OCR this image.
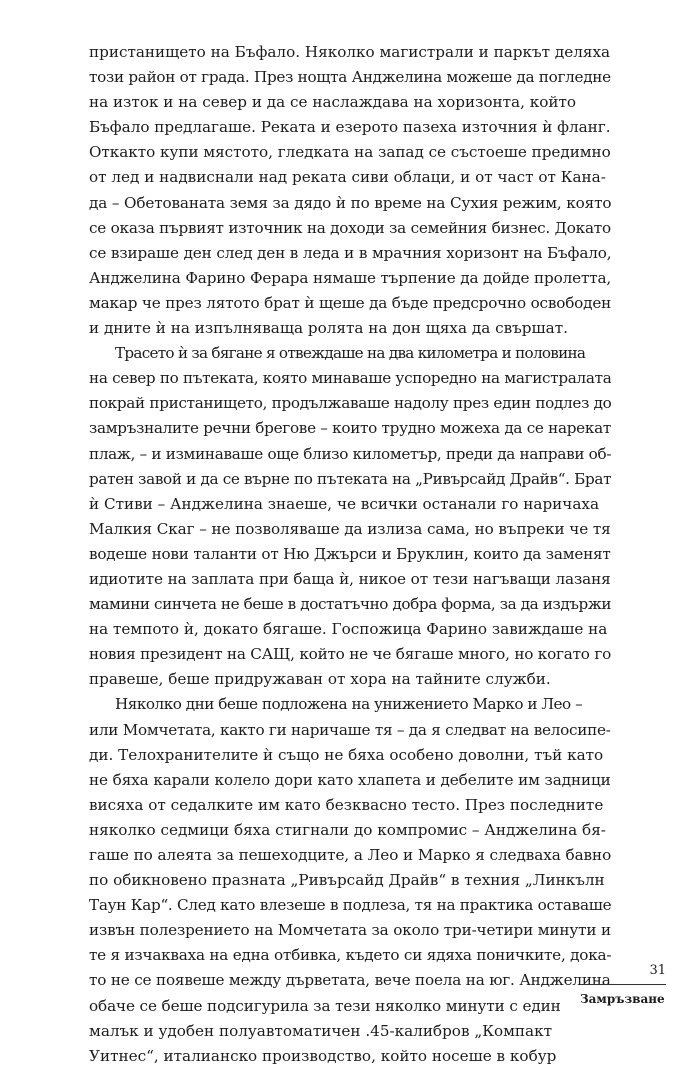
пристанището на Бъфало. Няколко магистрали и паркът деляха
този район от града. През нощта Анджелина можеше да погледне
на изток и на север и да се наслаждава на хоризонта, който
Бъфало предлагаше. Реката и езерото пазеха източния ѝ фланг.
Откакто купи мястото, гледката на запад се състоеше предимно
от лед и надвиснали над реката сиви облаци, и от част от Кана-
да – Обетованата земя за дядо ѝ по време на Сухия режим, която
се оказа първият източник на доходи за семейния бизнес. Докато
се взираше ден след ден в леда и в мрачния хоризонт на Бъфало,
Анджелина Фарино Ферара нямаше търпение да дойде пролетта,
макар че през лятото брат ѝ щеше да бъде предсрочно освободен
и дните ѝ на изпълняваща ролята на дон щяха да свършат.
Трасето ѝ за бягане я отвеждаше на два километра и половина
на север по пътеката, която минаваше успоредно на магистралата
покрай пристанището, продължаваше надолу през един подлез до
замръзналите речни брегове – които трудно можеха да се нарекат
плаж, – и изминаваше още близо километър, преди да направи об-
ратен завой и да се върне по пътеката на „Ривърсайд Драйв“. Брат
ѝ Стиви – Анджелина знаеше, че всички останали го наричаха
Малкия Скаг – не позволяваше да излиза сама, но въпреки че тя
водеше нови таланти от Ню Джърси и Бруклин, които да заменят
идиотите на заплата при баща ѝ, никое от тези нагъващи лазаня
мамини синчета не беше в достатъчно добра форма, за да издържи
на темпото ѝ, докато бягаше. Госпожица Фарино завиждаше на
новия президент на САЩ, който не че бягаше много, но когато го
правеше, беше придружаван от хора на тайните служби.
Няколко дни беше подложена на унижението Марко и Лео –
или Момчетата, както ги наричаше тя – да я следват на велосипе-
ди. Телохранителите ѝ също не бяха особено доволни, тъй като
не бяха карали колело дори като хлапета и дебелите им задници
висяха от седалките им като безквасно тесто. През последните
няколко седмици бяха стигнали до компромис – Анджелина бя-
гаше по алеята за пешеходците, а Лео и Марко я следваха бавно
по обикновено празната „Ривърсайд Драйв“ в техния „Линкълн
Таун Кар“. След като влезеше в подлеза, тя на практика оставаше
извън полезрението на Момчетата за около три-четири минути и
те я изчакваха на една отбивка, където си ядяха поничките, дока-
то не се появеше между дърветата, вече поела на юг. Анджелина
обаче се беше подсигурила за тези няколко минути с един
малък и удобен полуавтоматичен .45-калибров „Компакт
Уитнес“, италианско производство, който носеше в кобур
31
Замръзване
